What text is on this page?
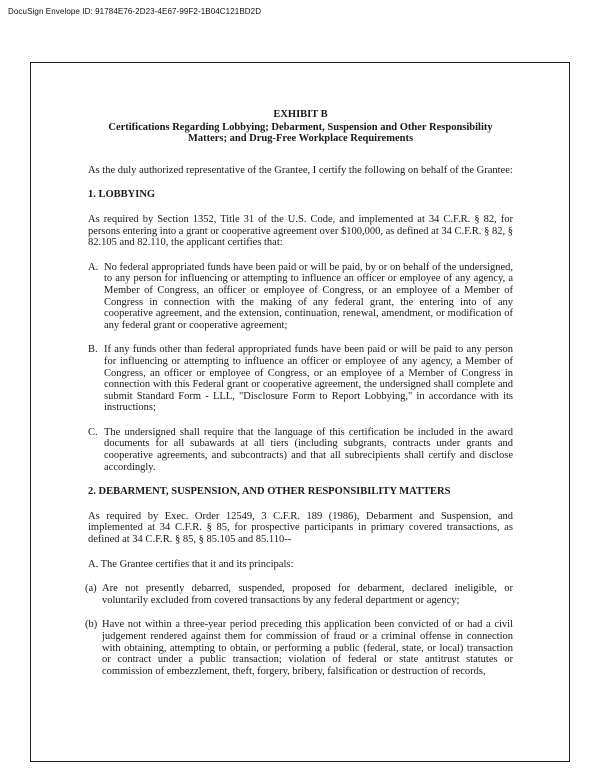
DocuSign Envelope ID: 91784E76-2D23-4E67-99F2-1B04C121BD2D
EXHIBIT B
Certifications Regarding Lobbying; Debarment, Suspension and Other Responsibility Matters; and Drug-Free Workplace Requirements

As the duly authorized representative of the Grantee, I certify the following on behalf of the Grantee:

1. LOBBYING

As required by Section 1352, Title 31 of the U.S. Code, and implemented at 34 C.F.R. § 82, for persons entering into a grant or cooperative agreement over $100,000, as defined at 34 C.F.R. § 82, § 82.105 and 82.110, the applicant certifies that:

A. No federal appropriated funds have been paid or will be paid, by or on behalf of the undersigned, to any person for influencing or attempting to influence an officer or employee of any agency, a Member of Congress, an officer or employee of Congress, or an employee of a Member of Congress in connection with the making of any federal grant, the entering into of any cooperative agreement, and the extension, continuation, renewal, amendment, or modification of any federal grant or cooperative agreement;
B. If any funds other than federal appropriated funds have been paid or will be paid to any person for influencing or attempting to influence an officer or employee of any agency, a Member of Congress, an officer or employee of Congress, or an employee of a Member of Congress in connection with this Federal grant or cooperative agreement, the undersigned shall complete and submit Standard Form - LLL, "Disclosure Form to Report Lobbying," in accordance with its instructions;
C. The undersigned shall require that the language of this certification be included in the award documents for all subawards at all tiers (including subgrants, contracts under grants and cooperative agreements, and subcontracts) and that all subrecipients shall certify and disclose accordingly.

2. DEBARMENT, SUSPENSION, AND OTHER RESPONSIBILITY MATTERS

As required by Exec. Order 12549, 3 C.F.R. 189 (1986), Debarment and Suspension, and implemented at 34 C.F.R. § 85, for prospective participants in primary covered transactions, as defined at 34 C.F.R. § 85, § 85.105 and 85.110--

A. The Grantee certifies that it and its principals:

(a) Are not presently debarred, suspended, proposed for debarment, declared ineligible, or voluntarily excluded from covered transactions by any federal department or agency;
(b) Have not within a three-year period preceding this application been convicted of or had a civil judgement rendered against them for commission of fraud or a criminal offense in connection with obtaining, attempting to obtain, or performing a public (federal, state, or local) transaction or contract under a public transaction; violation of federal or state antitrust statutes or commission of embezzlement, theft, forgery, bribery, falsification or destruction of records,
